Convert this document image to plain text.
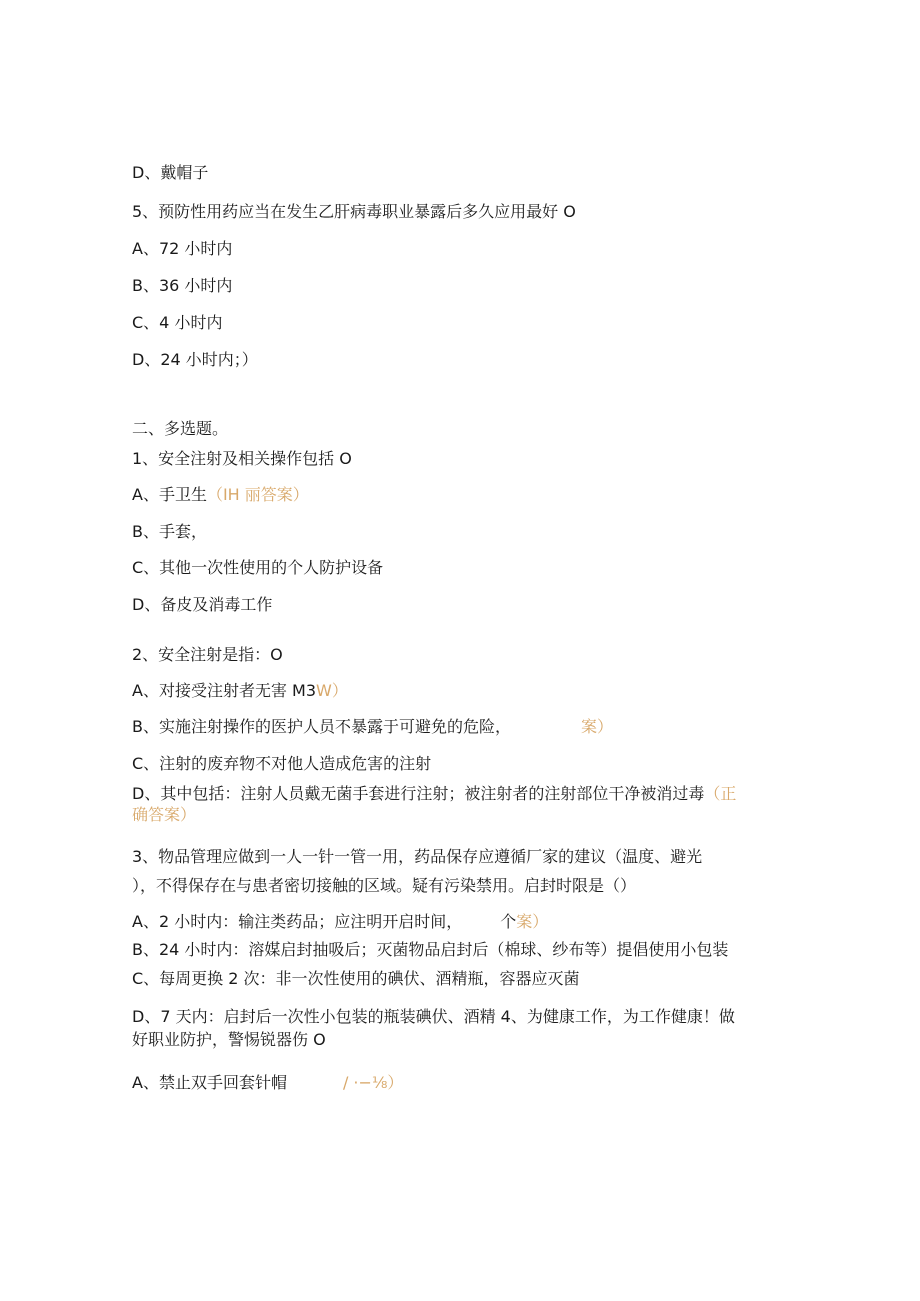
D、戴帽子

5、预防性用药应当在发生乙肝病毒职业暴露后多久应用最好 O

A、72 小时内

B、36 小时内

C、4 小时内

D、24 小时内；）

二、多选题。

1、安全注射及相关操作包括 O

A、手卫生（IH 丽答案）

B、手套，

C、其他一次性使用的个人防护设备

D、备皮及消毒工作

2、安全注射是指：O

A、对接受注射者无害 M3W）

B、实施注射操作的医护人员不暴露于可避免的危险，	案）

C、注射的废弃物不对他人造成危害的注射

D、其中包括：注射人员戴无菌手套进行注射；被注射者的注射部位干净被消过毒（正

确答案）

3、物品管理应做到一人一针一管一用，药品保存应遵循厂家的建议（温度、避光

），不得保存在与患者密切接触的区域。疑有污染禁用。启封时限是（）

A、2 小时内：输注类药品；应注明开启时间， 个案）

B、24 小时内：溶媒启封抽吸后；灭菌物品启封后（棉球、纱布等）提倡使用小包装

C、每周更换 2 次：非一次性使用的碘伏、酒精瓶，容器应灭菌

D、7 天内：启封后一次性小包装的瓶装碘伏、酒精 4、为健康工作，为工作健康！做

好职业防护，警惕锐器伤 O

A、禁止双手回套针帽	/ ·−⅛）
